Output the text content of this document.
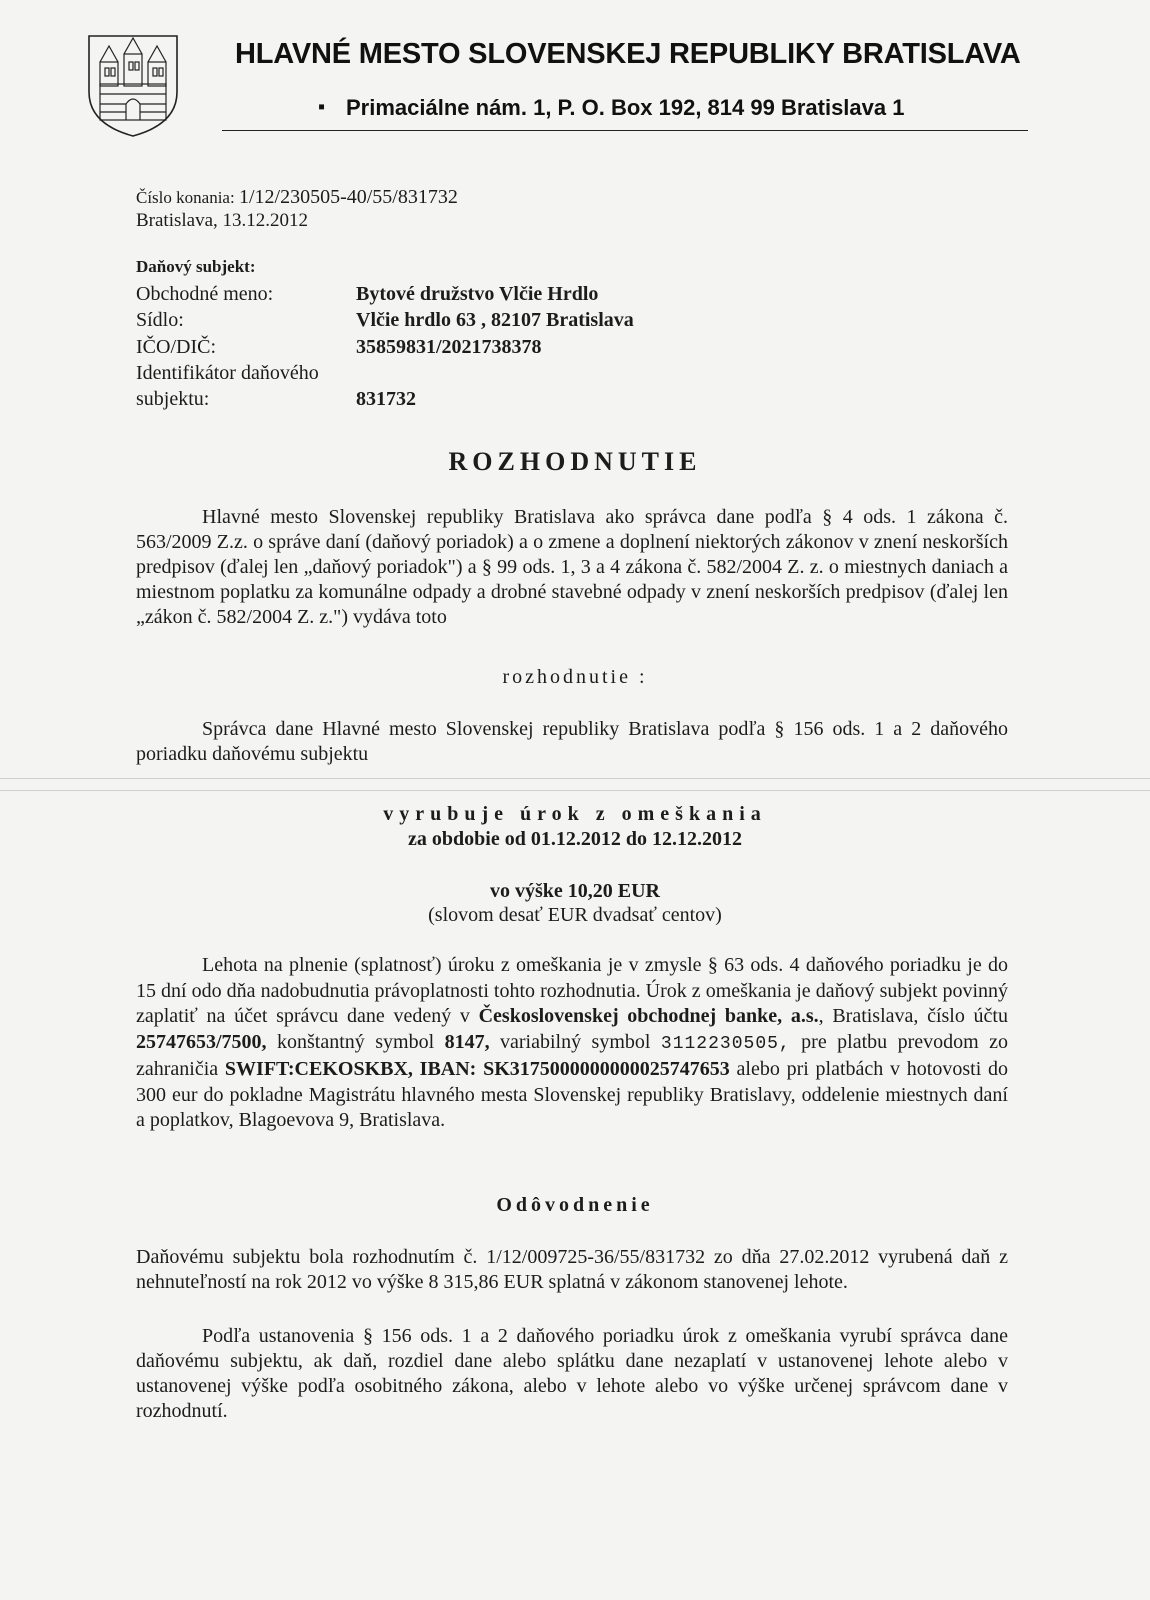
HLAVNÉ MESTO SLOVENSKEJ REPUBLIKY BRATISLAVA
▪ Primaciálne nám. 1, P. O. Box 192, 814 99 Bratislava 1
Číslo konania: 1/12/230505-40/55/831732
Bratislava, 13.12.2012
Daňový subjekt:
Obchodné meno:	Bytové družstvo Vlčie Hrdlo
Sídlo:	Vlčie hrdlo 63 , 82107 Bratislava
IČO/DIČ:	35859831/2021738378
Identifikátor daňového
subjektu:	831732
ROZHODNUTIE
Hlavné mesto Slovenskej republiky Bratislava ako správca dane podľa § 4 ods. 1 zákona č. 563/2009 Z.z. o správe daní (daňový poriadok) a o zmene a doplnení niektorých zákonov v znení neskorších predpisov (ďalej len „daňový poriadok") a § 99 ods. 1, 3 a 4 zákona č. 582/2004 Z. z. o miestnych daniach a miestnom poplatku za komunálne odpady a drobné stavebné odpady v znení neskorších predpisov (ďalej len „zákon č. 582/2004 Z. z.") vydáva toto
rozhodnutie :
Správca dane Hlavné mesto Slovenskej republiky Bratislava podľa § 156 ods. 1 a 2 daňového poriadku daňovému subjektu
vyrubuje úrok z omeškania
za obdobie od 01.12.2012 do 12.12.2012
vo výške 10,20 EUR
(slovom desať EUR dvadsať centov)
Lehota na plnenie (splatnosť) úroku z omeškania je v zmysle § 63 ods. 4 daňového poriadku je do 15 dní odo dňa nadobudnutia právoplatnosti tohto rozhodnutia. Úrok z omeškania je daňový subjekt povinný zaplatiť na účet správcu dane vedený v Československej obchodnej banke, a.s., Bratislava, číslo účtu 25747653/7500, konštantný symbol 8147, variabilný symbol 3112230505, pre platbu prevodom zo zahraničia SWIFT:CEKOSKBX, IBAN: SK3175000000000025747653 alebo pri platbách v hotovosti do 300 eur do pokladne Magistrátu hlavného mesta Slovenskej republiky Bratislavy, oddelenie miestnych daní a poplatkov, Blagoevova 9, Bratislava.
Odôvodnenie
Daňovému subjektu bola rozhodnutím č. 1/12/009725-36/55/831732 zo dňa 27.02.2012 vyrubená daň z nehnuteľností na rok 2012 vo výške 8 315,86 EUR splatná v zákonom stanovenej lehote.
Podľa ustanovenia § 156 ods. 1 a 2 daňového poriadku úrok z omeškania vyrubí správca dane daňovému subjektu, ak daň, rozdiel dane alebo splátku dane nezaplatí v ustanovenej lehote alebo v ustanovenej výške podľa osobitného zákona, alebo v lehote alebo vo výške určenej správcom dane v rozhodnutí.
